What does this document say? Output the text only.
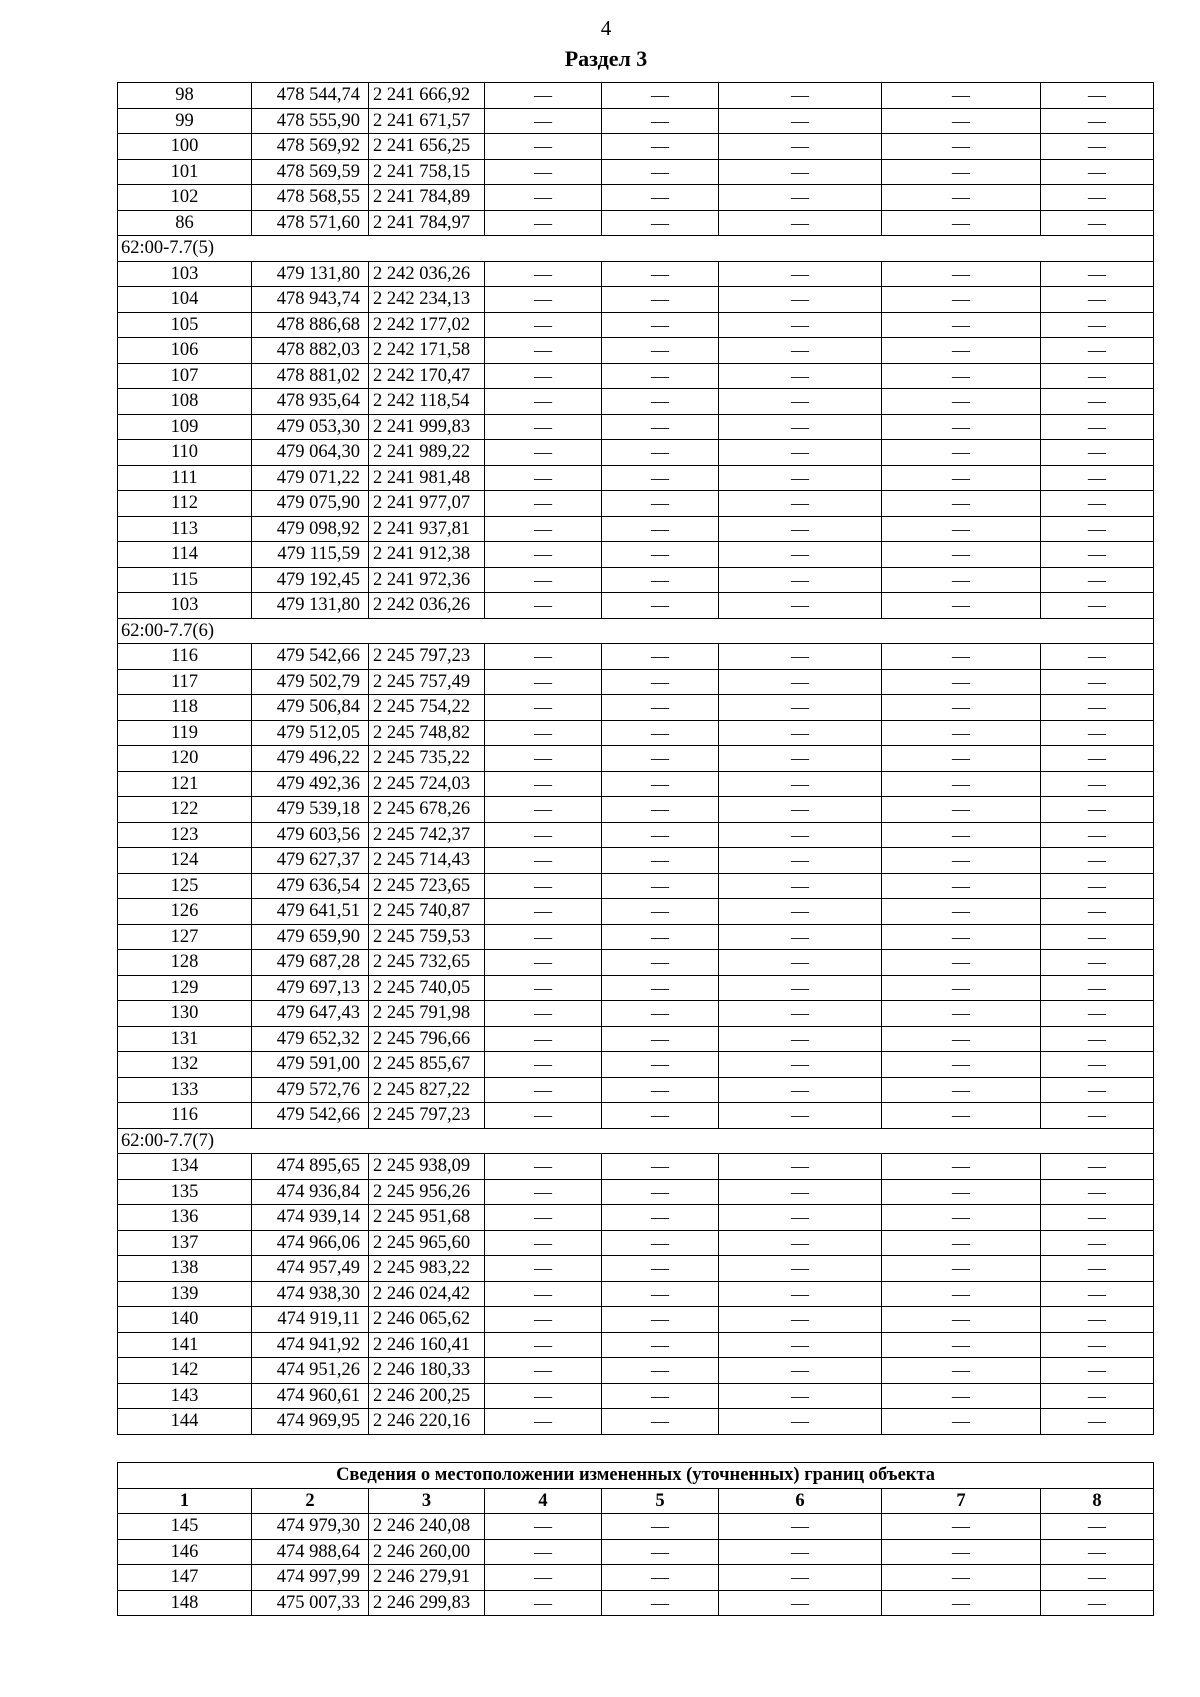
4
Раздел 3
98	478 544,74	2 241 666,92	—	—	—	—	—
99	478 555,90	2 241 671,57	—	—	—	—	—
100	478 569,92	2 241 656,25	—	—	—	—	—
101	478 569,59	2 241 758,15	—	—	—	—	—
102	478 568,55	2 241 784,89	—	—	—	—	—
86	478 571,60	2 241 784,97	—	—	—	—	—
62:00-7.7(5)							
103	479 131,80	2 242 036,26	—	—	—	—	—
104	478 943,74	2 242 234,13	—	—	—	—	—
105	478 886,68	2 242 177,02	—	—	—	—	—
106	478 882,03	2 242 171,58	—	—	—	—	—
107	478 881,02	2 242 170,47	—	—	—	—	—
108	478 935,64	2 242 118,54	—	—	—	—	—
109	479 053,30	2 241 999,83	—	—	—	—	—
110	479 064,30	2 241 989,22	—	—	—	—	—
111	479 071,22	2 241 981,48	—	—	—	—	—
112	479 075,90	2 241 977,07	—	—	—	—	—
113	479 098,92	2 241 937,81	—	—	—	—	—
114	479 115,59	2 241 912,38	—	—	—	—	—
115	479 192,45	2 241 972,36	—	—	—	—	—
103	479 131,80	2 242 036,26	—	—	—	—	—
62:00-7.7(6)							
116	479 542,66	2 245 797,23	—	—	—	—	—
117	479 502,79	2 245 757,49	—	—	—	—	—
118	479 506,84	2 245 754,22	—	—	—	—	—
119	479 512,05	2 245 748,82	—	—	—	—	—
120	479 496,22	2 245 735,22	—	—	—	—	—
121	479 492,36	2 245 724,03	—	—	—	—	—
122	479 539,18	2 245 678,26	—	—	—	—	—
123	479 603,56	2 245 742,37	—	—	—	—	—
124	479 627,37	2 245 714,43	—	—	—	—	—
125	479 636,54	2 245 723,65	—	—	—	—	—
126	479 641,51	2 245 740,87	—	—	—	—	—
127	479 659,90	2 245 759,53	—	—	—	—	—
128	479 687,28	2 245 732,65	—	—	—	—	—
129	479 697,13	2 245 740,05	—	—	—	—	—
130	479 647,43	2 245 791,98	—	—	—	—	—
131	479 652,32	2 245 796,66	—	—	—	—	—
132	479 591,00	2 245 855,67	—	—	—	—	—
133	479 572,76	2 245 827,22	—	—	—	—	—
116	479 542,66	2 245 797,23	—	—	—	—	—
62:00-7.7(7)							
134	474 895,65	2 245 938,09	—	—	—	—	—
135	474 936,84	2 245 956,26	—	—	—	—	—
136	474 939,14	2 245 951,68	—	—	—	—	—
137	474 966,06	2 245 965,60	—	—	—	—	—
138	474 957,49	2 245 983,22	—	—	—	—	—
139	474 938,30	2 246 024,42	—	—	—	—	—
140	474 919,11	2 246 065,62	—	—	—	—	—
141	474 941,92	2 246 160,41	—	—	—	—	—
142	474 951,26	2 246 180,33	—	—	—	—	—
143	474 960,61	2 246 200,25	—	—	—	—	—
144	474 969,95	2 246 220,16	—	—	—	—	—
Сведения о местоположении измененных (уточненных) границ объекта							
1	2	3	4	5	6	7	8
145	474 979,30	2 246 240,08	—	—	—	—	—
146	474 988,64	2 246 260,00	—	—	—	—	—
147	474 997,99	2 246 279,91	—	—	—	—	—
148	475 007,33	2 246 299,83	—	—	—	—	—
